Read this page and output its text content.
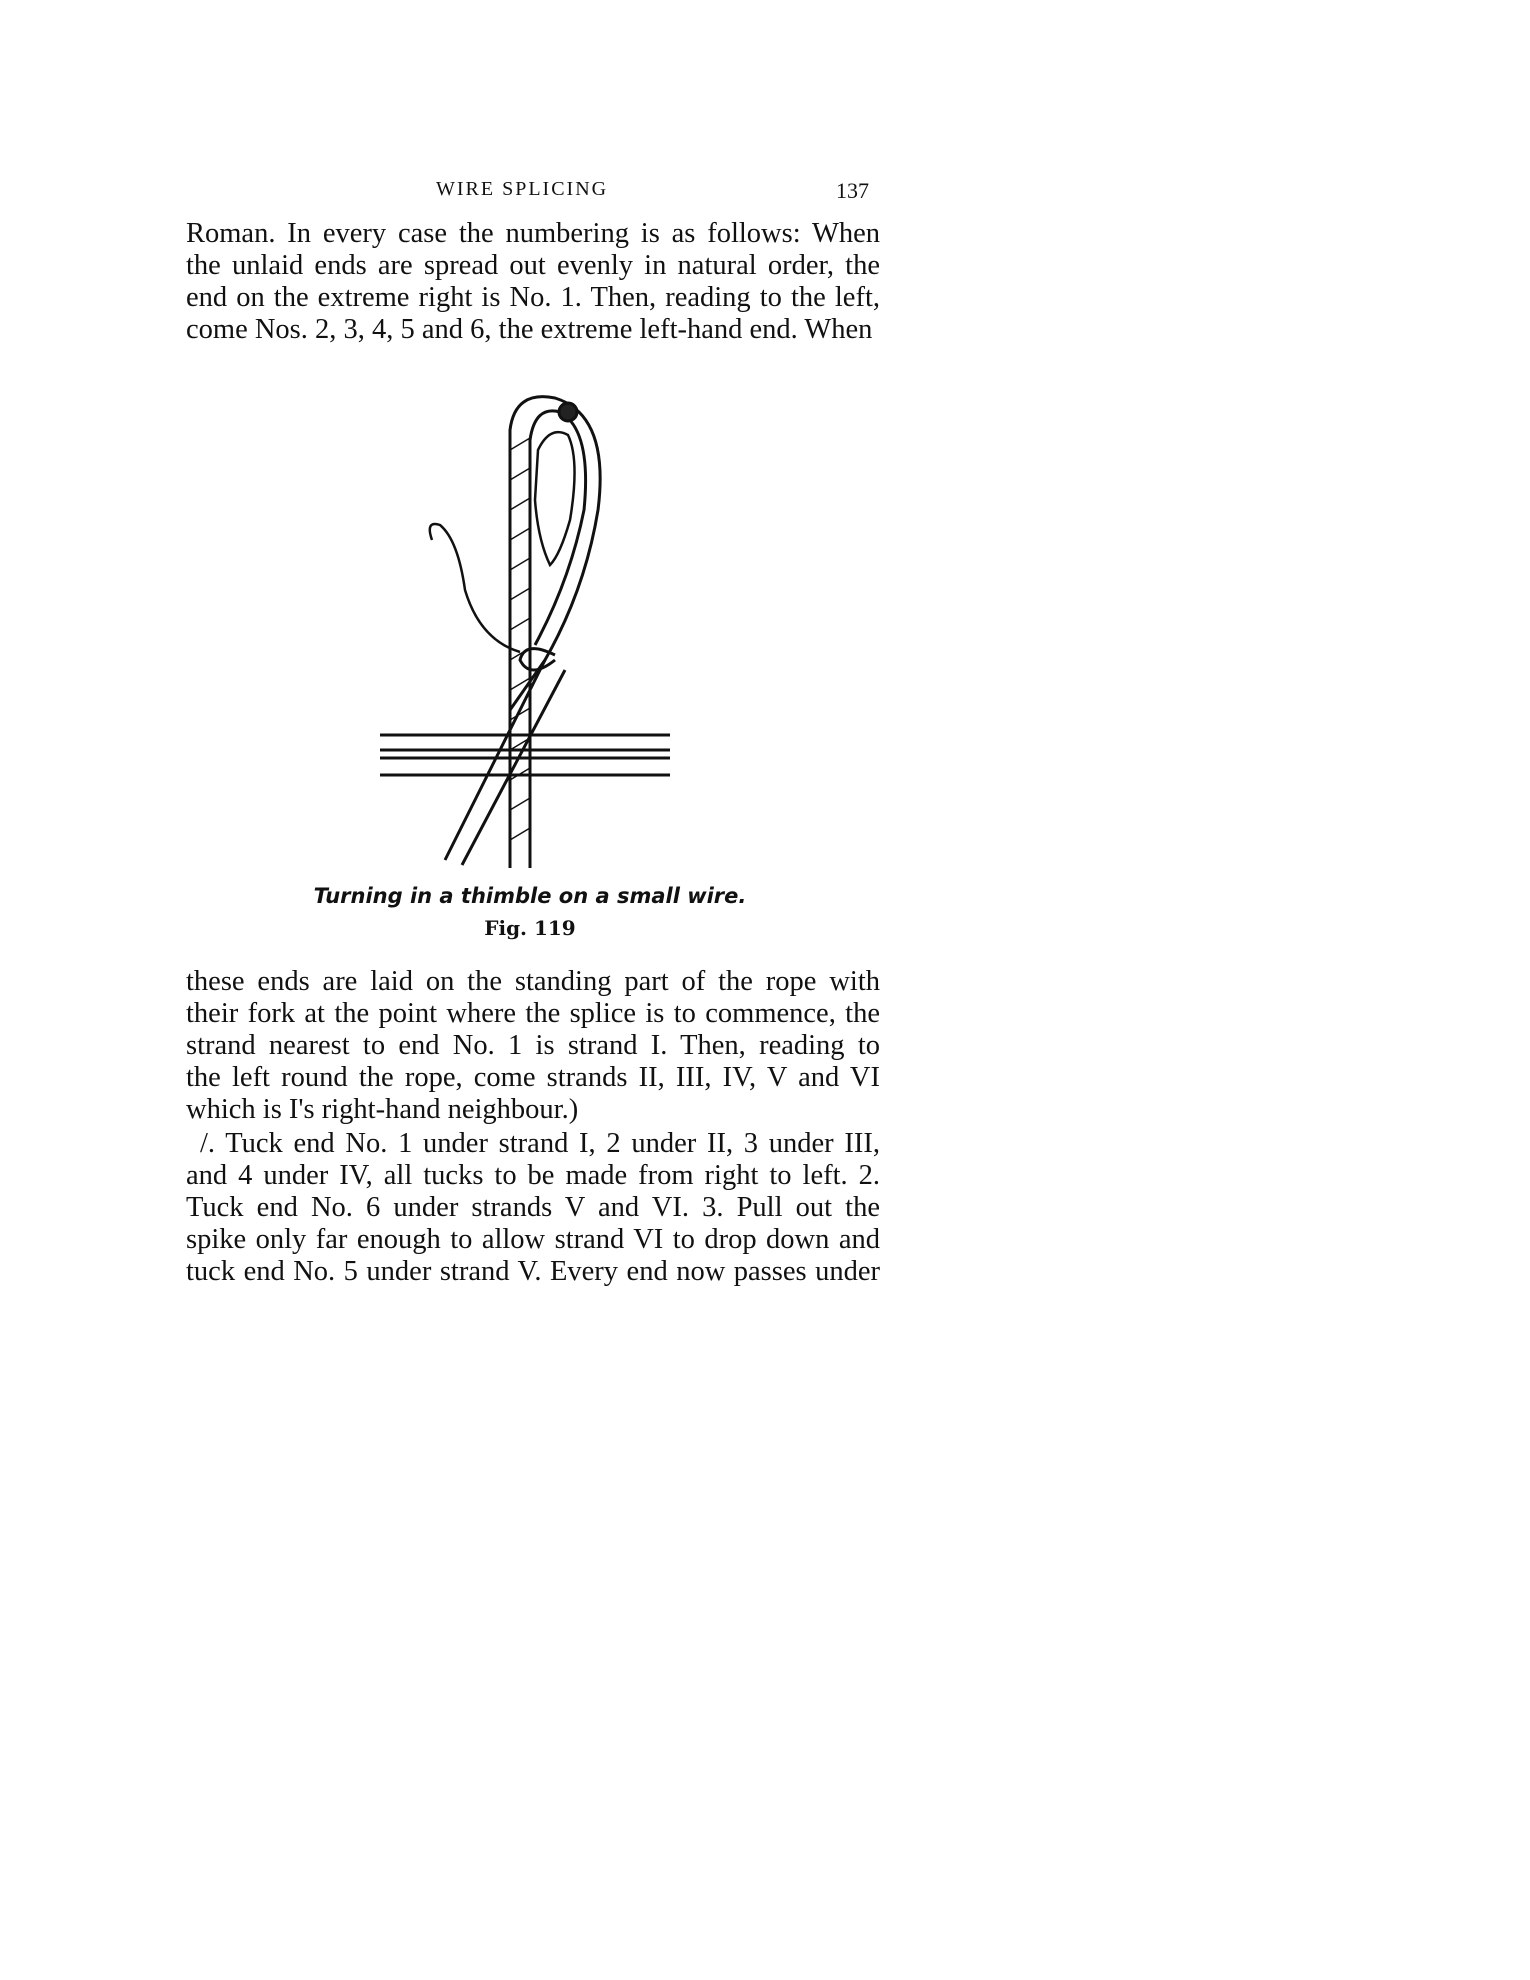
WIRE SPLICING	137
Roman. In every case the numbering is as follows: When
the unlaid ends are spread out evenly in natural order, the
end on the extreme right is No. 1. Then, reading to the left,
come Nos. 2, 3, 4, 5 and 6, the extreme left-hand end. When
Turning in a thimble on a small wire.
Fig. 119
these ends are laid on the standing part of the rope with
their fork at the point where the splice is to commence, the
strand nearest to end No. 1 is strand I. Then, reading to
the left round the rope, come strands II, III, IV, V and VI
which is I's right-hand neighbour.)
/. Tuck end No. 1 under strand I, 2 under II, 3 under III,
and 4 under IV, all tucks to be made from right to left. 2.
Tuck end No. 6 under strands V and VI. 3. Pull out the
spike only far enough to allow strand VI to drop down and
tuck end No. 5 under strand V. Every end now passes under
